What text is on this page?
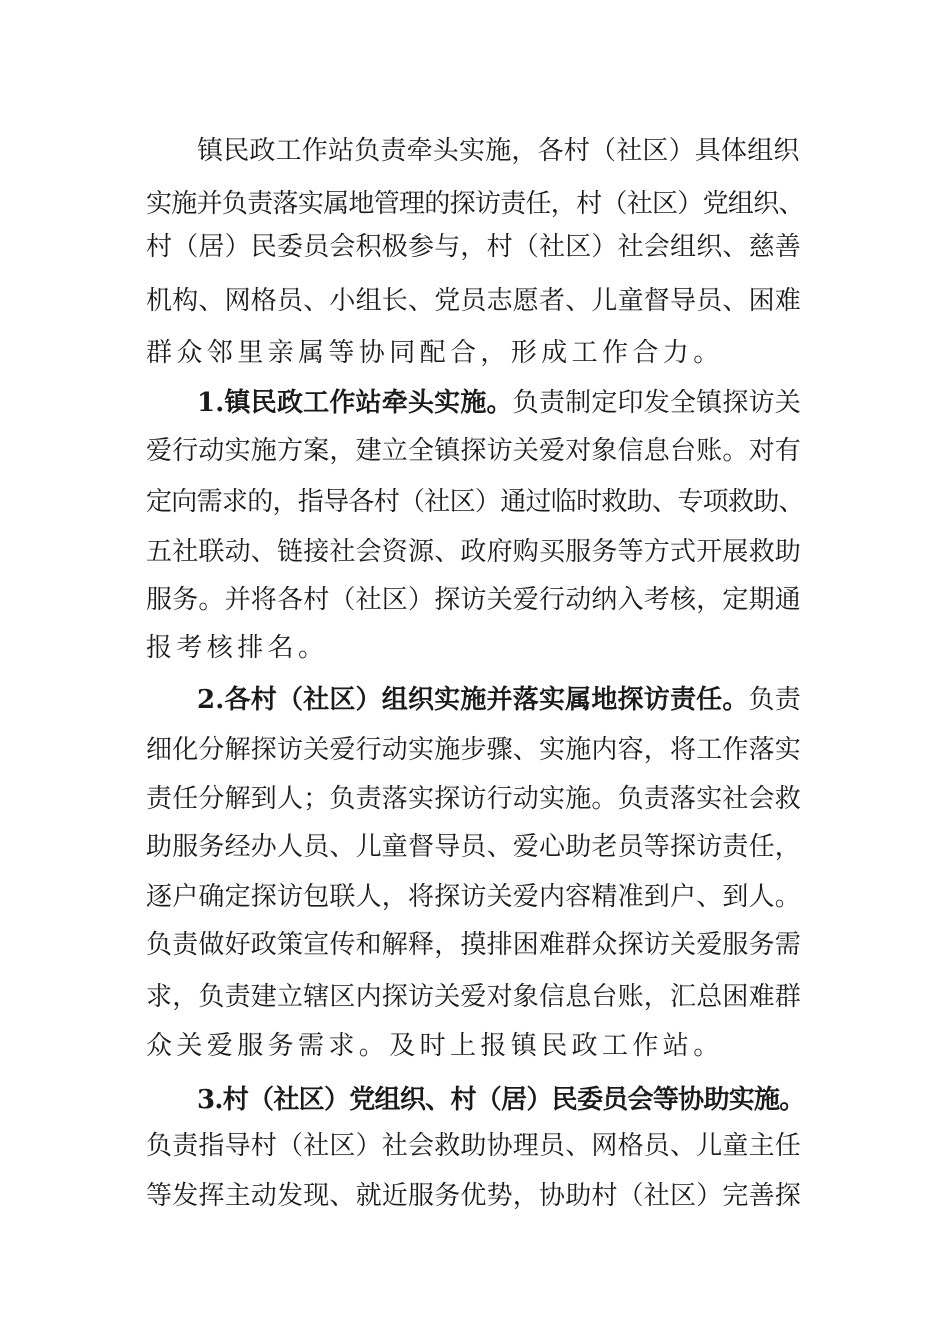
镇民政工作站负责牵头实施，各村（社区）具体组织
实施并负责落实属地管理的探访责任，村（社区）党组织、
村（居）民委员会积极参与，村（社区）社会组织、慈善
机构、网格员、小组长、党员志愿者、儿童督导员、困难
群众邻里亲属等协同配合，形成工作合力。
1.镇民政工作站牵头实施。负责制定印发全镇探访关
爱行动实施方案，建立全镇探访关爱对象信息台账。对有
定向需求的，指导各村（社区）通过临时救助、专项救助、
五社联动、链接社会资源、政府购买服务等方式开展救助
服务。并将各村（社区）探访关爱行动纳入考核，定期通
报考核排名。
2.各村（社区）组织实施并落实属地探访责任。负责
细化分解探访关爱行动实施步骤、实施内容，将工作落实
责任分解到人；负责落实探访行动实施。负责落实社会救
助服务经办人员、儿童督导员、爱心助老员等探访责任，
逐户确定探访包联人，将探访关爱内容精准到户、到人。
负责做好政策宣传和解释，摸排困难群众探访关爱服务需
求，负责建立辖区内探访关爱对象信息台账，汇总困难群
众关爱服务需求。及时上报镇民政工作站。
3.村（社区）党组织、村（居）民委员会等协助实施。
负责指导村（社区）社会救助协理员、网格员、儿童主任
等发挥主动发现、就近服务优势，协助村（社区）完善探
